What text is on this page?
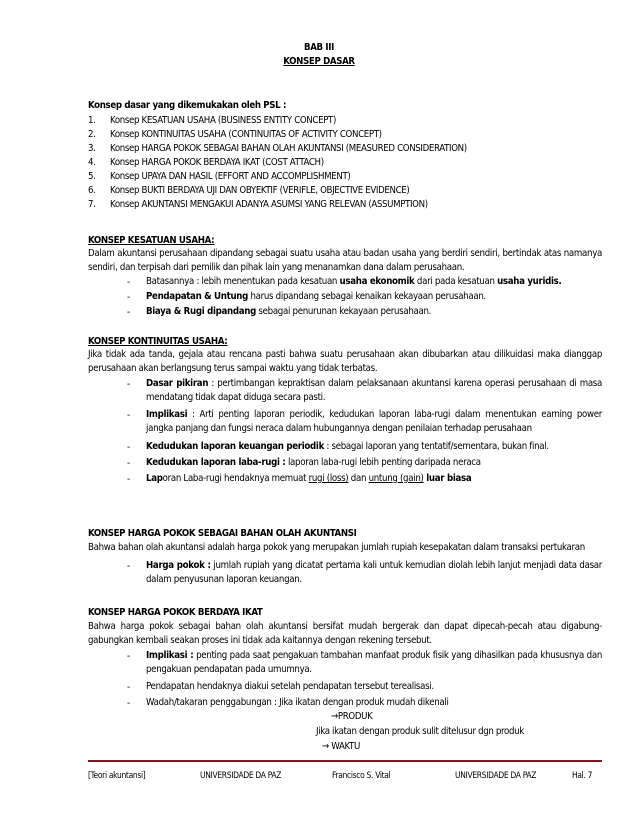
BAB III
KONSEP DASAR
Konsep dasar yang dikemukakan oleh PSL :
1. Konsep KESATUAN USAHA (BUSINESS ENTITY CONCEPT)
2. Konsep KONTINUITAS USAHA (CONTINUITAS OF ACTIVITY CONCEPT)
3. Konsep HARGA POKOK SEBAGAI BAHAN OLAH AKUNTANSI (MEASURED CONSIDERATION)
4. Konsep HARGA POKOK BERDAYA IKAT (COST ATTACH)
5. Konsep UPAYA DAN HASIL (EFFORT AND ACCOMPLISHMENT)
6. Konsep BUKTI BERDAYA UJI DAN OBYEKTIF (VERIFLE, OBJECTIVE EVIDENCE)
7. Konsep AKUNTANSI MENGAKUI ADANYA ASUMSI YANG RELEVAN (ASSUMPTION)
KONSEP KESATUAN USAHA:
Dalam akuntansi perusahaan dipandang sebagai suatu usaha atau badan usaha yang berdiri sendiri, bertindak atas namanya sendiri, dan terpisah dari pemilik dan pihak lain yang menanamkan dana dalam perusahaan.
- Batasannya : lebih menentukan pada kesatuan usaha ekonomik dari pada kesatuan usaha yuridis.
- Pendapatan & Untung harus dipandang sebagai kenaikan kekayaan perusahaan.
- Biaya & Rugi dipandang sebagai penurunan kekayaan perusahaan.
KONSEP KONTINUITAS USAHA:
Jika tidak ada tanda, gejala atau rencana pasti bahwa suatu perusahaan akan dibubarkan atau dilikuidasi maka dianggap perusahaan akan berlangsung terus sampai waktu yang tidak terbatas.
- Dasar pikiran : pertimbangan kepraktisan dalam pelaksanaan akuntansi karena operasi perusahaan di masa mendatang tidak dapat diduga secara pasti.
- Implikasi : Arti penting laporan periodik, kedudukan laporan laba-rugi dalam menentukan earning power jangka panjang dan fungsi neraca dalam hubungannya dengan penilaian terhadap perusahaan
- Kedudukan laporan keuangan periodik : sebagai laporan yang tentatif/sementara, bukan final.
- Kedudukan laporan laba-rugi : laporan laba-rugi lebih penting daripada neraca
- Laporan Laba-rugi hendaknya memuat rugi (loss) dan untung (gain) luar biasa
KONSEP HARGA POKOK SEBAGAI BAHAN OLAH AKUNTANSI
Bahwa bahan olah akuntansi adalah harga pokok yang merupakan jumlah rupiah kesepakatan dalam transaksi pertukaran
- Harga pokok : jumlah rupiah yang dicatat pertama kali untuk kemudian diolah lebih lanjut menjadi data dasar dalam penyusunan laporan keuangan.
KONSEP HARGA POKOK BERDAYA IKAT
Bahwa harga pokok sebagai bahan olah akuntansi bersifat mudah bergerak dan dapat dipecah-pecah atau digabung-gabungkan kembali seakan proses ini tidak ada kaitannya dengan rekening tersebut.
- Implikasi : penting pada saat pengakuan tambahan manfaat produk fisik yang dihasilkan pada khususnya dan pengakuan pendapatan pada umumnya.
- Pendapatan hendaknya diakui setelah pendapatan tersebut terealisasi.
- Wadah/takaran penggabungan : Jika ikatan dengan produk mudah dikenali
→PRODUK
Jika ikatan dengan produk sulit ditelusur dgn produk
→ WAKTU
[Teori akuntansi]	UNIVERSIDADE DA PAZ	Francisco S. Vital	UNIVERSIDADE DA PAZ	Hal. 7
